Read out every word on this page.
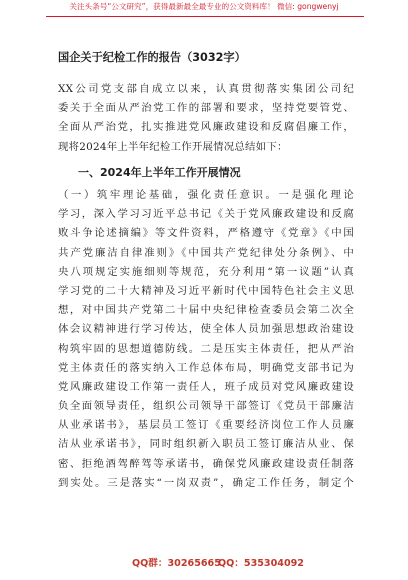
关注头条号“公文研究”，获得最新最全最专业的公文资料库！ 微信: gongwenyj
国企关于纪检工作的报告（3032字）
XX公司党支部自成立以来，认真贯彻落实集团公司纪
委关于全面从严治党工作的部署和要求，坚持党要管党、
全面从严治党，扎实推进党风廉政建设和反腐倡廉工作，
现将2024年上半年纪检工作开展情况总结如下：
一、2024年上半年工作开展情况
（一）筑牢理论基础，强化责任意识。一是强化理论
学习，深入学习习近平总书记《关于党风廉政建设和反腐
败斗争论述摘编》等文件资料，严格遵守《党章》《中国
共产党廉洁自律准则》《中国共产党纪律处分条例》、中
央八项规定实施细则等规范，充分利用“第一议题”认真
学习党的二十大精神及习近平新时代中国特色社会主义思
想，对中国共产党第二十届中央纪律检查委员会第二次全
体会议精神进行学习传达，使全体人员加强思想政治建设
构筑牢固的思想道德防线。二是压实主体责任，把从严治
党主体责任的落实纳入工作总体布局，明确党支部书记为
党风廉政建设工作第一责任人，班子成员对党风廉政建设
负全面领导责任，组织公司领导干部签订《党员干部廉洁
从业承诺书》，基层员工签订《重要经济岗位工作人员廉
洁从业承诺书》，同时组织新入职员工签订廉洁从业、保
密、拒绝酒驾醉驾等承诺书，确保党风廉政建设责任制落
到实处。三是落实“一岗双责”，确定工作任务，制定个
QQ群：30265665
QQ：535304092
